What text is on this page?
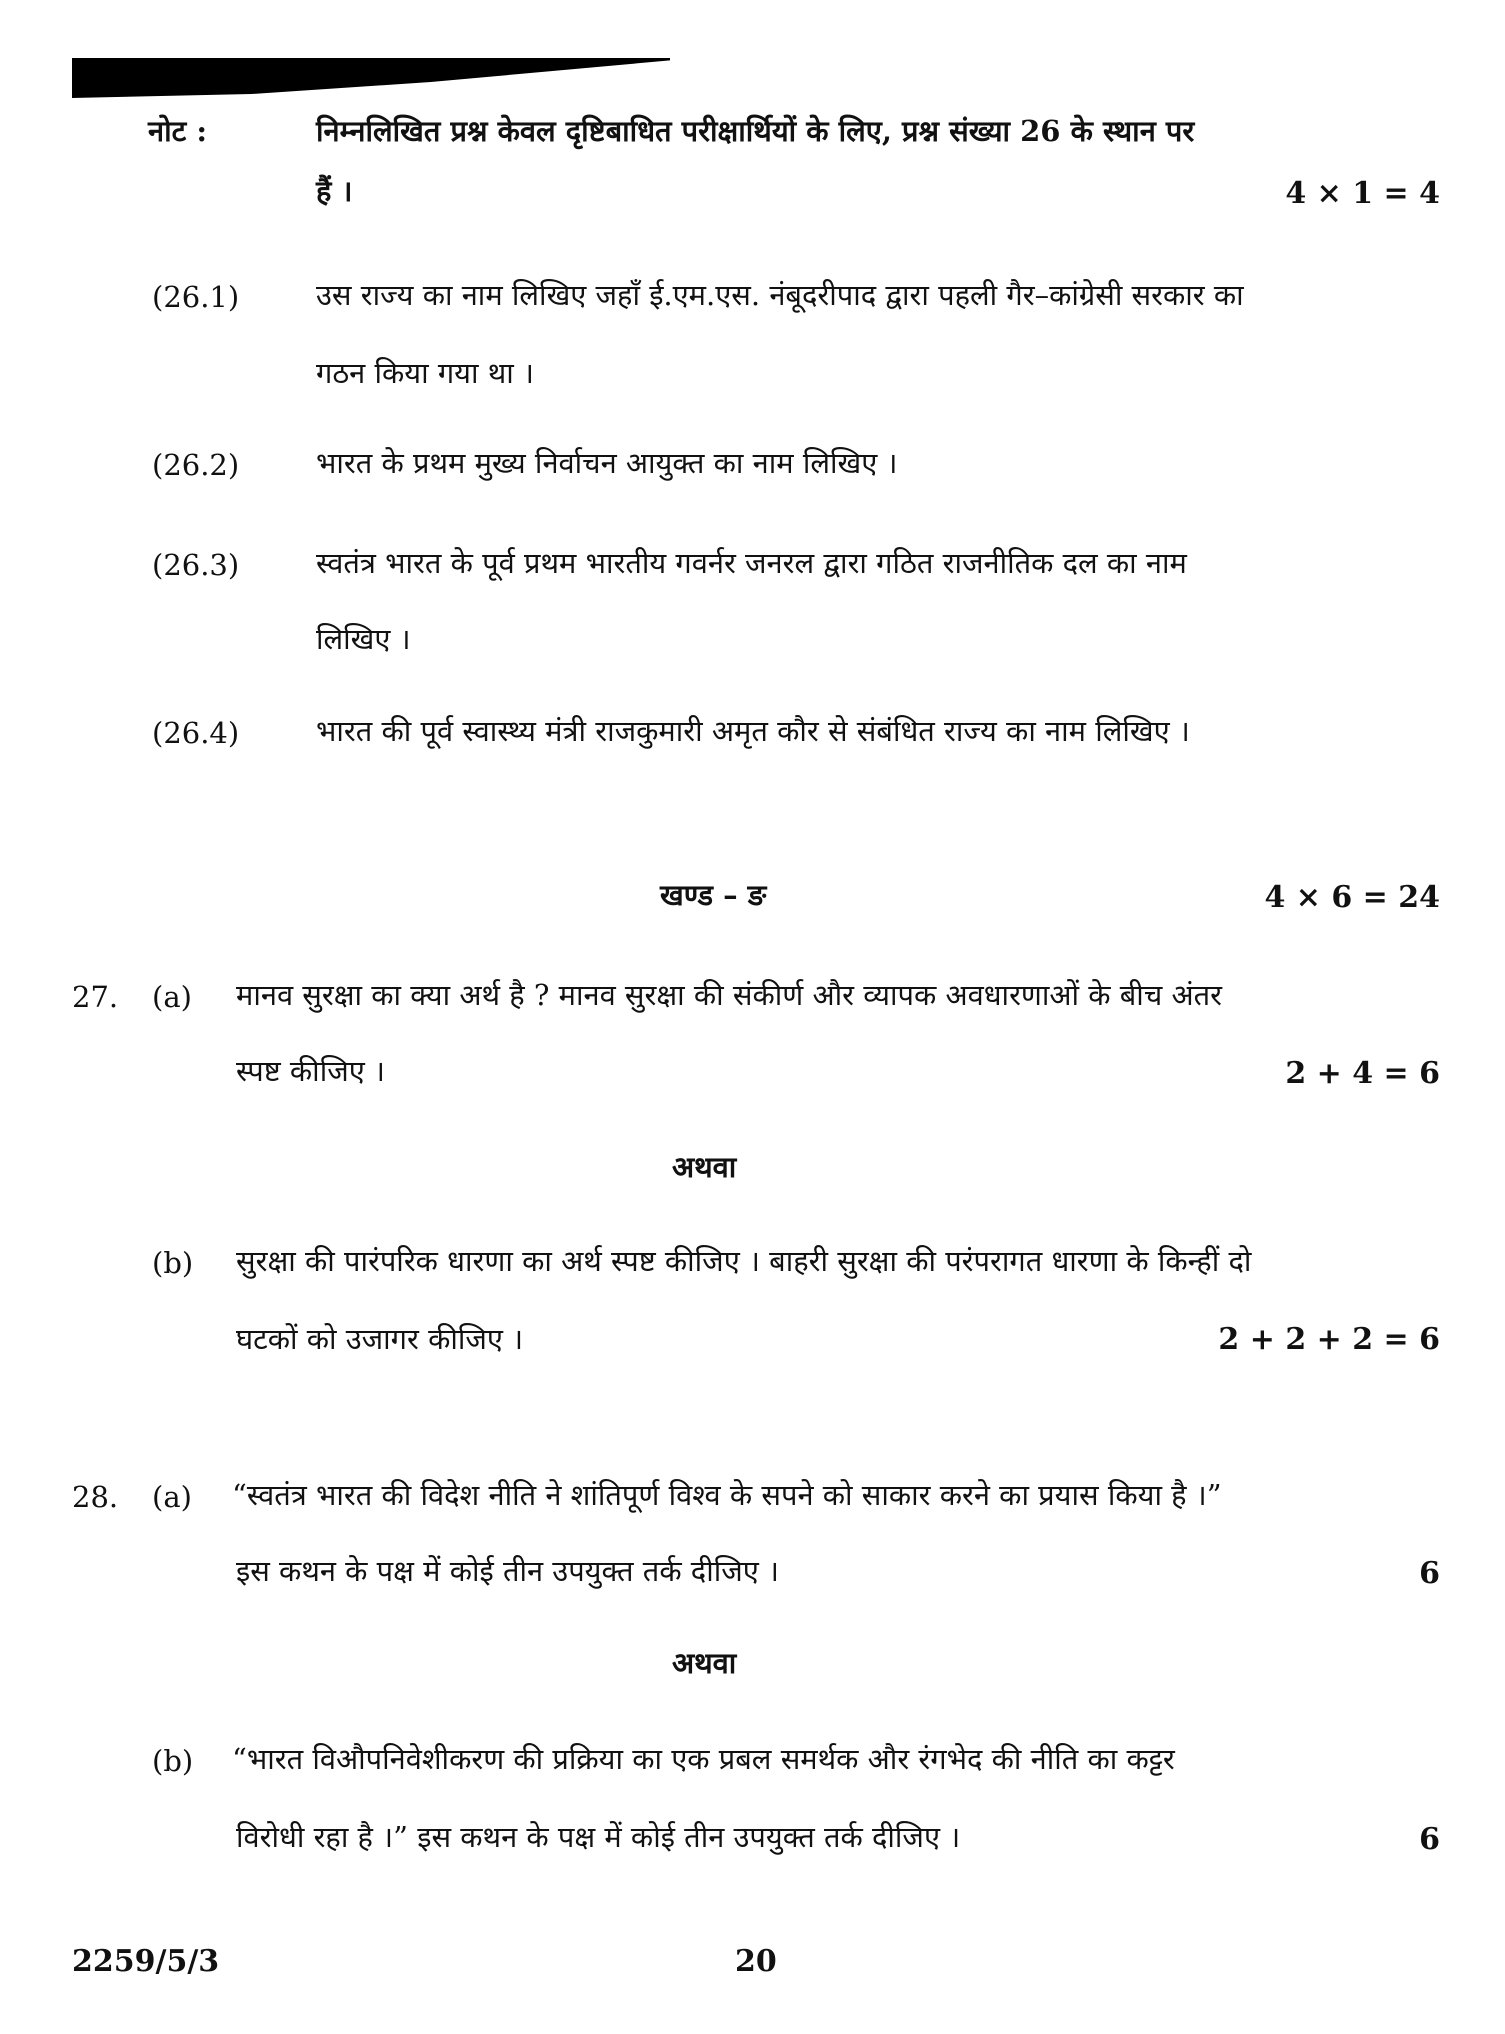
नोट :	निम्नलिखित प्रश्न केवल दृष्टिबाधित परीक्षार्थियों के लिए, प्रश्न संख्या 26 के स्थान पर
हैं ।	4 × 1 = 4
(26.1)	उस राज्य का नाम लिखिए जहाँ ई.एम.एस. नंबूदरीपाद द्वारा पहली गैर–कांग्रेसी सरकार का
गठन किया गया था ।
(26.2)	भारत के प्रथम मुख्य निर्वाचन आयुक्त का नाम लिखिए ।
(26.3)	स्वतंत्र भारत के पूर्व प्रथम भारतीय गवर्नर जनरल द्वारा गठित राजनीतिक दल का नाम
लिखिए ।
(26.4)	भारत की पूर्व स्वास्थ्य मंत्री राजकुमारी अमृत कौर से संबंधित राज्य का नाम लिखिए ।
खण्ड – ङ	4 × 6 = 24
27. (a) मानव सुरक्षा का क्या अर्थ है ? मानव सुरक्षा की संकीर्ण और व्यापक अवधारणाओं के बीच अंतर
स्पष्ट कीजिए ।	2 + 4 = 6
अथवा
(b) सुरक्षा की पारंपरिक धारणा का अर्थ स्पष्ट कीजिए । बाहरी सुरक्षा की परंपरागत धारणा के किन्हीं दो
घटकों को उजागर कीजिए ।	2 + 2 + 2 = 6
28. (a) “स्वतंत्र भारत की विदेश नीति ने शांतिपूर्ण विश्व के सपने को साकार करने का प्रयास किया है ।”
इस कथन के पक्ष में कोई तीन उपयुक्त तर्क दीजिए ।	6
अथवा
(b) “भारत विऔपनिवेशीकरण की प्रक्रिया का एक प्रबल समर्थक और रंगभेद की नीति का कट्टर
विरोधी रहा है ।” इस कथन के पक्ष में कोई तीन उपयुक्त तर्क दीजिए ।	6
2259/5/3	20
